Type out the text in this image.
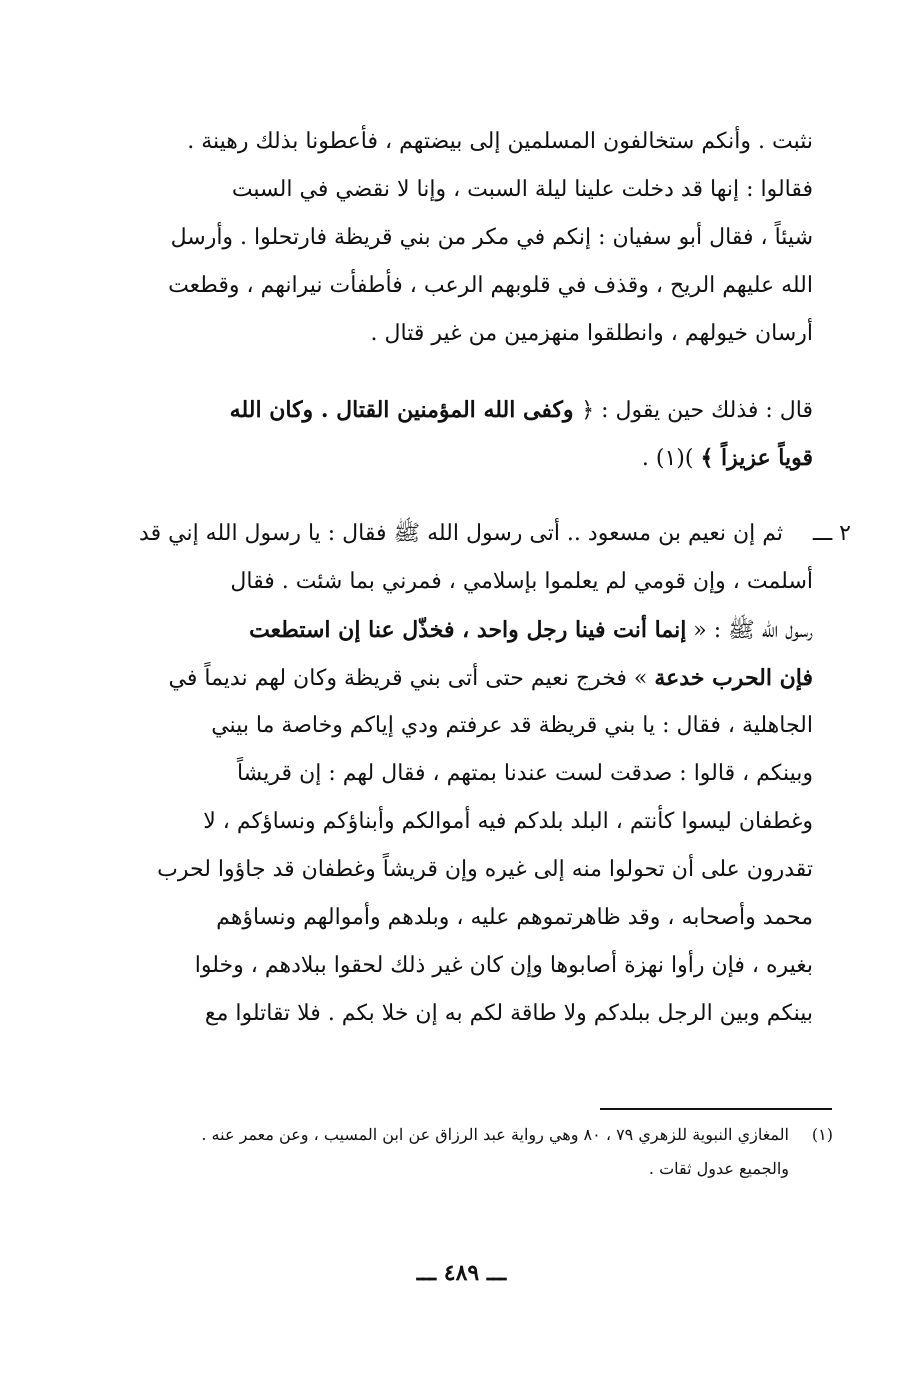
نثبت . وأنكم ستخالفون المسلمين إلى بيضتهم ، فأعطونا بذلك رهينة .
فقالوا : إنها قد دخلت علينا ليلة السبت ، وإنا لا نقضي في السبت
شيئاً ، فقال أبو سفيان : إنكم في مكر من بني قريظة فارتحلوا . وأرسل
الله عليهم الريح ، وقذف في قلوبهم الرعب ، فأطفأت نيرانهم ، وقطعت
أرسان خيولهم ، وانطلقوا منهزمين من غير قتال .
قال : فذلك حين يقول : ﴿ وكفى الله المؤمنين القتال . وكان الله
قوياً عزيزاً ﴾ )(١) .
٢ ـــثم إن نعيم بن مسعود .. أتى رسول الله ﷺ فقال : يا رسول الله إني قد
أسلمت ، وإن قومي لم يعلموا بإسلامي ، فمرني بما شئت . فقال
رسول الله ﷺ : « إنما أنت فينا رجل واحد ، فخذّل عنا إن استطعت
فإن الحرب خدعة » فخرج نعيم حتى أتى بني قريظة وكان لهم نديماً في
الجاهلية ، فقال : يا بني قريظة قد عرفتم ودي إياكم وخاصة ما بيني
وبينكم ، قالوا : صدقت لست عندنا بمتهم ، فقال لهم : إن قريشاً
وغطفان ليسوا كأنتم ، البلد بلدكم فيه أموالكم وأبناؤكم ونساؤكم ، لا
تقدرون على أن تحولوا منه إلى غيره وإن قريشاً وغطفان قد جاؤوا لحرب
محمد وأصحابه ، وقد ظاهرتموهم عليه ، وبلدهم وأموالهم ونساؤهم
بغيره ، فإن رأوا نهزة أصابوها وإن كان غير ذلك لحقوا ببلادهم ، وخلوا
بينكم وبين الرجل ببلدكم ولا طاقة لكم به إن خلا بكم . فلا تقاتلوا مع
(١)المغازي النبوية للزهري ٧٩ ، ٨٠ وهي رواية عبد الرزاق عن ابن المسيب ، وعن معمر عنه .
والجميع عدول ثقات .
ـــ ٤٨٩ ـــ
